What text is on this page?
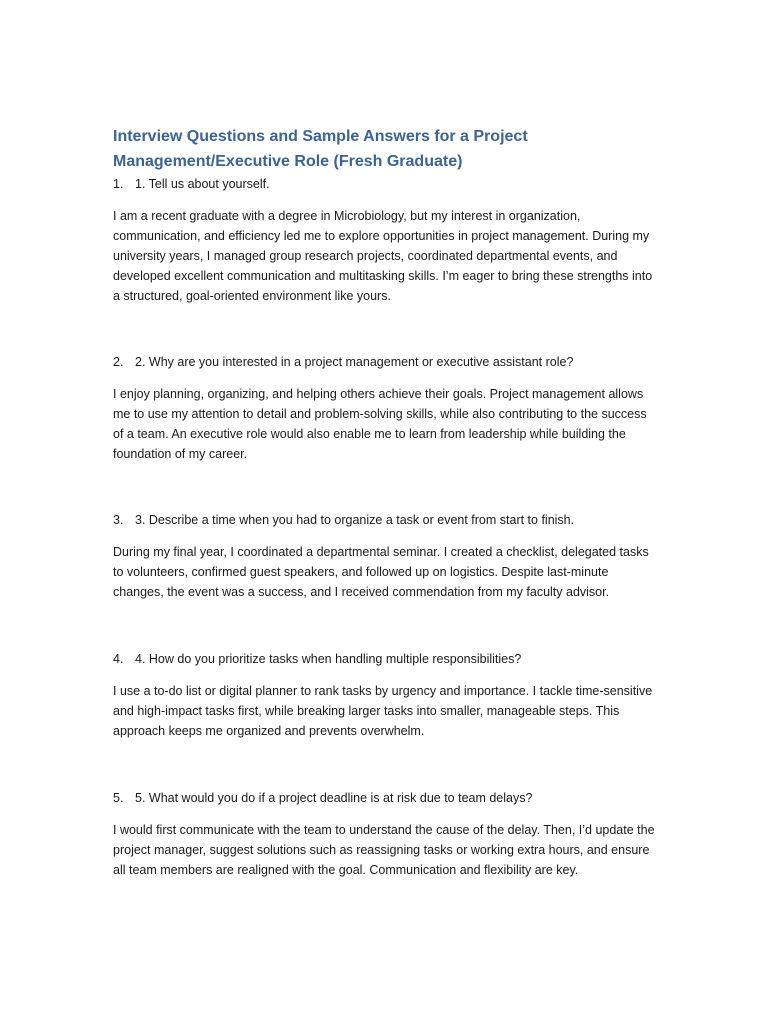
Interview Questions and Sample Answers for a Project Management/Executive Role (Fresh Graduate)

1. 1. Tell us about yourself.

I am a recent graduate with a degree in Microbiology, but my interest in organization, communication, and efficiency led me to explore opportunities in project management. During my university years, I managed group research projects, coordinated departmental events, and developed excellent communication and multitasking skills. I’m eager to bring these strengths into a structured, goal-oriented environment like yours.

2. 2. Why are you interested in a project management or executive assistant role?

I enjoy planning, organizing, and helping others achieve their goals. Project management allows me to use my attention to detail and problem-solving skills, while also contributing to the success of a team. An executive role would also enable me to learn from leadership while building the foundation of my career.

3. 3. Describe a time when you had to organize a task or event from start to finish.

During my final year, I coordinated a departmental seminar. I created a checklist, delegated tasks to volunteers, confirmed guest speakers, and followed up on logistics. Despite last-minute changes, the event was a success, and I received commendation from my faculty advisor.

4. 4. How do you prioritize tasks when handling multiple responsibilities?

I use a to-do list or digital planner to rank tasks by urgency and importance. I tackle time-sensitive and high-impact tasks first, while breaking larger tasks into smaller, manageable steps. This approach keeps me organized and prevents overwhelm.

5. 5. What would you do if a project deadline is at risk due to team delays?

I would first communicate with the team to understand the cause of the delay. Then, I’d update the project manager, suggest solutions such as reassigning tasks or working extra hours, and ensure all team members are realigned with the goal. Communication and flexibility are key.
